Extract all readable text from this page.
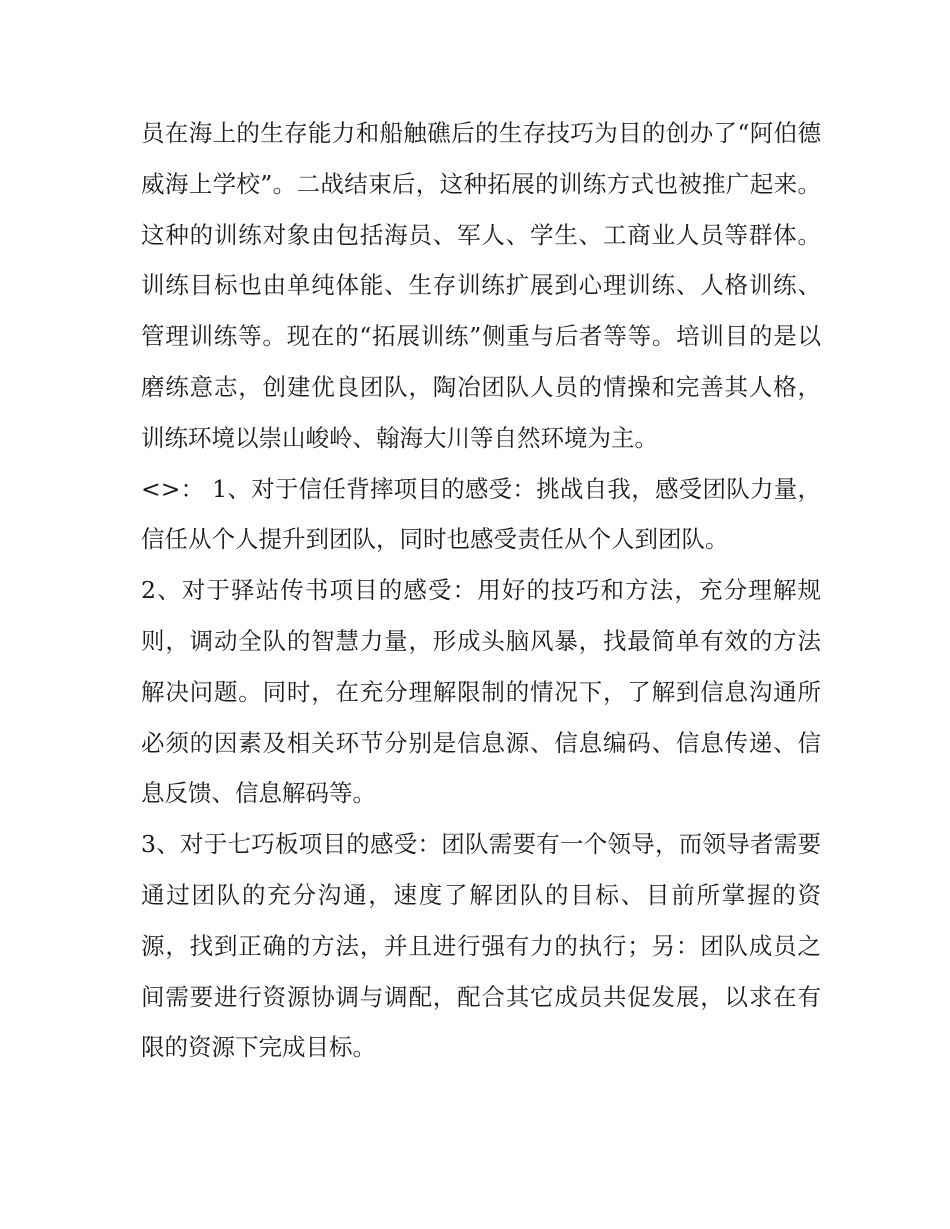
员在海上的生存能力和船触礁后的生存技巧为目的创办了“阿伯德威海上学校”。二战结束后，这种拓展的训练方式也被推广起来。这种的训练对象由包括海员、军人、学生、工商业人员等群体。训练目标也由单纯体能、生存训练扩展到心理训练、人格训练、管理训练等。现在的“拓展训练”侧重与后者等等。培训目的是以磨练意志，创建优良团队，陶冶团队人员的情操和完善其人格，训练环境以崇山峻岭、翰海大川等自然环境为主。

<>： 1、对于信任背摔项目的感受：挑战自我，感受团队力量，信任从个人提升到团队，同时也感受责任从个人到团队。

2、对于驿站传书项目的感受：用好的技巧和方法，充分理解规则，调动全队的智慧力量，形成头脑风暴，找最简单有效的方法解决问题。同时，在充分理解限制的情况下，了解到信息沟通所必须的因素及相关环节分别是信息源、信息编码、信息传递、信息反馈、信息解码等。

3、对于七巧板项目的感受：团队需要有一个领导，而领导者需要通过团队的充分沟通，速度了解团队的目标、目前所掌握的资源，找到正确的方法，并且进行强有力的执行；另：团队成员之间需要进行资源协调与调配，配合其它成员共促发展，以求在有限的资源下完成目标。
